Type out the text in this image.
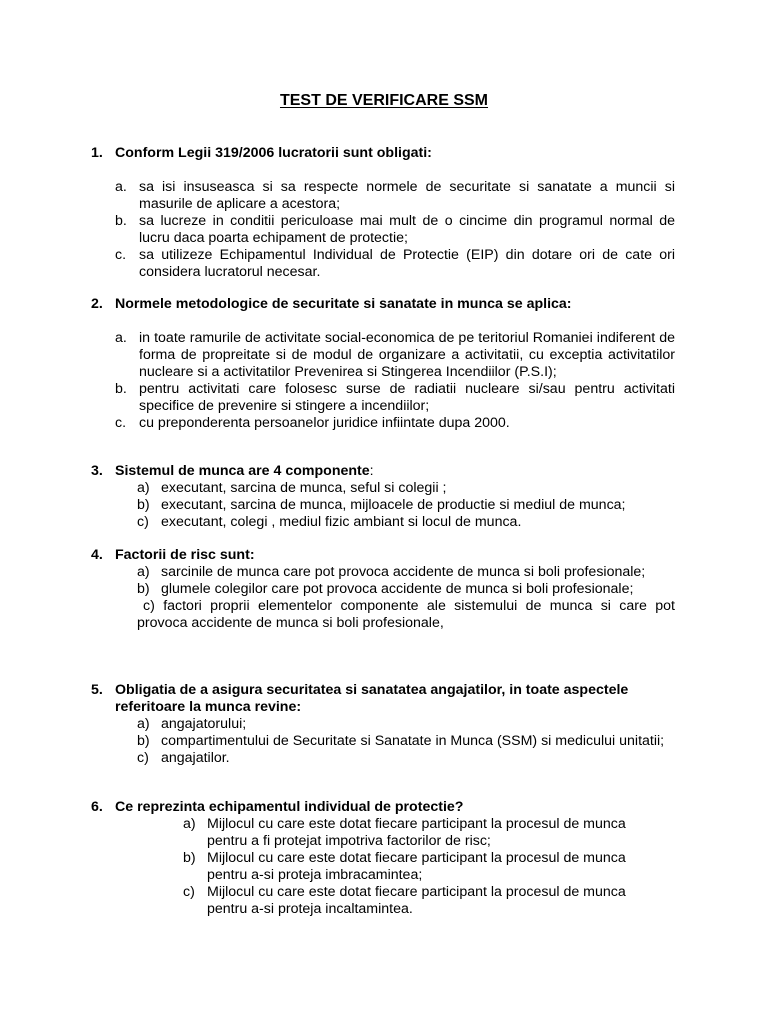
TEST DE VERIFICARE SSM
1. Conform Legii 319/2006 lucratorii sunt obligati:
a. sa isi insuseasca si sa respecte normele de securitate si sanatate a muncii si masurile de aplicare a acestora;
b. sa lucreze in conditii periculoase mai mult de o cincime din programul normal de lucru daca poarta echipament de protectie;
c. sa utilizeze Echipamentul Individual de Protectie (EIP) din dotare ori de cate ori considera lucratorul necesar.
2. Normele metodologice de securitate si sanatate in munca se aplica:
a. in toate ramurile de activitate social-economica de pe teritoriul Romaniei indiferent de forma de propreitate si de modul de organizare a activitatii, cu exceptia activitatilor nucleare si a activitatilor Prevenirea si Stingerea Incendiilor (P.S.I);
b. pentru activitati care folosesc surse de radiatii nucleare si/sau pentru activitati specifice de prevenire si stingere a incendiilor;
c. cu preponderenta persoanelor juridice infiintate dupa 2000.
3. Sistemul de munca are 4 componente:
a) executant, sarcina de munca, seful si colegii ;
b) executant, sarcina de munca, mijloacele de productie si mediul de munca;
c) executant, colegi , mediul fizic ambiant si locul de munca.
4. Factorii de risc sunt:
a) sarcinile de munca care pot provoca accidente de munca si boli profesionale;
b) glumele colegilor care pot provoca accidente de munca si boli profesionale;
c) factori proprii elementelor componente ale sistemului de munca si care pot provoca accidente de munca si boli profesionale,
5. Obligatia de a asigura securitatea si sanatatea angajatilor, in toate aspectele referitoare la munca revine:
a) angajatorului;
b) compartimentului de Securitate si Sanatate in Munca (SSM) si medicului unitatii;
c) angajatilor.
6. Ce reprezinta echipamentul individual de protectie?
a) Mijlocul cu care este dotat fiecare participant la procesul de munca pentru a fi protejat impotriva factorilor de risc;
b) Mijlocul cu care este dotat fiecare participant la procesul de munca pentru a-si proteja imbracamintea;
c) Mijlocul cu care este dotat fiecare participant la procesul de munca pentru a-si proteja incaltamintea.
